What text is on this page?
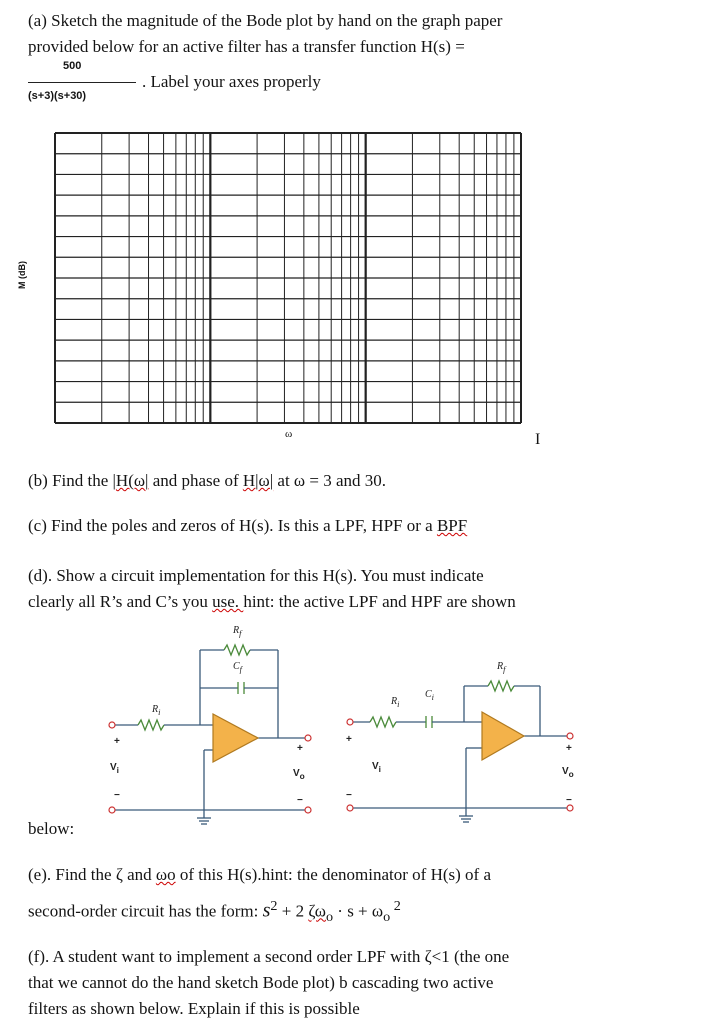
(a) Sketch the magnitude of the Bode plot by hand on the graph paper

provided below for an active filter has a transfer function H(s) =

500
(s+3)(s+30)

. Label your axes properly

M (dB)
ω	I

(b) Find the |H(ω| and phase of H|ω| at ω = 3 and 30.

(c) Find the poles and zeros of H(s). Is this a LPF, HPF or a BPF

(d). Show a circuit implementation for this H(s). You must indicate

clearly all R’s and C’s you use. hint: the active LPF and HPF are shown

$R_f$
$C_f$
$R_i$
+
$V_i$
−
+
$V_o$
−
$R_f$
$C_i$
$R_i$
+
$V_i$
−
+
$V_o$
−

below:

(e). Find the ζ and ωo of this H(s).hint: the denominator of H(s) of a

second-order circuit has the form: $s^2 + 2$ $\zeta\omega_o \cdot s + \omega_o$ $^2$

(f). A student want to implement a second order LPF with ζ<1 (the one

that we cannot do the hand sketch Bode plot) b cascading two active

filters as shown below. Explain if this is possible
